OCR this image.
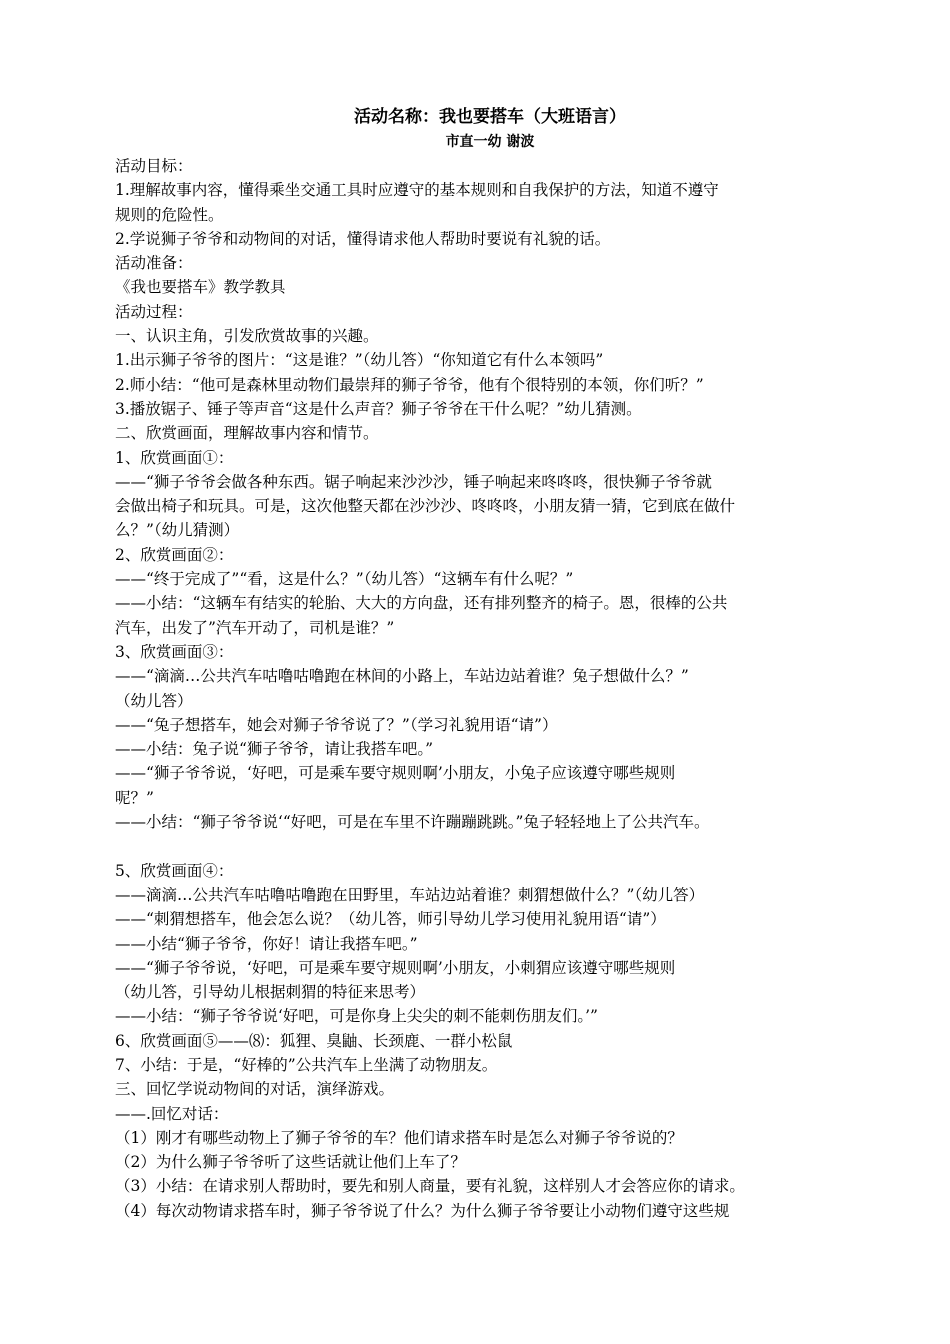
活动名称：我也要搭车（大班语言）
市直一幼 谢波
活动目标：
1.理解故事内容，懂得乘坐交通工具时应遵守的基本规则和自我保护的方法，知道不遵守
规则的危险性。
2.学说狮子爷爷和动物间的对话，懂得请求他人帮助时要说有礼貌的话。
活动准备：
《我也要搭车》教学教具
活动过程：
一、认识主角，引发欣赏故事的兴趣。
1.出示狮子爷爷的图片：“这是谁？”（幼儿答）“你知道它有什么本领吗”
2.师小结：“他可是森林里动物们最崇拜的狮子爷爷，他有个很特别的本领，你们听？”
3.播放锯子、锤子等声音“这是什么声音？狮子爷爷在干什么呢？”幼儿猜测。
二、欣赏画面，理解故事内容和情节。
1、欣赏画面①：
——“狮子爷爷会做各种东西。锯子响起来沙沙沙，锤子响起来咚咚咚，很快狮子爷爷就
会做出椅子和玩具。可是，这次他整天都在沙沙沙、咚咚咚，小朋友猜一猜，它到底在做什
么？”（幼儿猜测）
2、欣赏画面②：
——“终于完成了”“看，这是什么？”（幼儿答）“这辆车有什么呢？”
——小结：“这辆车有结实的轮胎、大大的方向盘，还有排列整齐的椅子。恩，很棒的公共
汽车，出发了”汽车开动了，司机是谁？”
3、欣赏画面③：
——“滴滴…公共汽车咕噜咕噜跑在林间的小路上，车站边站着谁？兔子想做什么？”
（幼儿答）
——“兔子想搭车，她会对狮子爷爷说了？”（学习礼貌用语“请”）
——小结：兔子说“狮子爷爷，请让我搭车吧。”
——“狮子爷爷说，‘好吧，可是乘车要守规则啊’小朋友，小兔子应该遵守哪些规则
呢？”
——小结：“狮子爷爷说‘“好吧，可是在车里不许蹦蹦跳跳。”兔子轻轻地上了公共汽车。
5、欣赏画面④：
——滴滴…公共汽车咕噜咕噜跑在田野里，车站边站着谁？刺猬想做什么？”（幼儿答）
——“刺猬想搭车，他会怎么说？（幼儿答，师引导幼儿学习使用礼貌用语“请”）
——小结“狮子爷爷，你好！请让我搭车吧。”
——“狮子爷爷说，‘好吧，可是乘车要守规则啊’小朋友，小刺猬应该遵守哪些规则
（幼儿答，引导幼儿根据刺猬的特征来思考）
——小结：“狮子爷爷说‘好吧，可是你身上尖尖的刺不能刺伤朋友们。’”
6、欣赏画面⑤——⑻：狐狸、臭鼬、长颈鹿、一群小松鼠
7、小结：于是，“好棒的”公共汽车上坐满了动物朋友。
三、回忆学说动物间的对话，演绎游戏。
——.回忆对话：
（1）刚才有哪些动物上了狮子爷爷的车？他们请求搭车时是怎么对狮子爷爷说的？
（2）为什么狮子爷爷听了这些话就让他们上车了？
（3）小结：在请求别人帮助时，要先和别人商量，要有礼貌，这样别人才会答应你的请求。
（4）每次动物请求搭车时，狮子爷爷说了什么？为什么狮子爷爷要让小动物们遵守这些规
